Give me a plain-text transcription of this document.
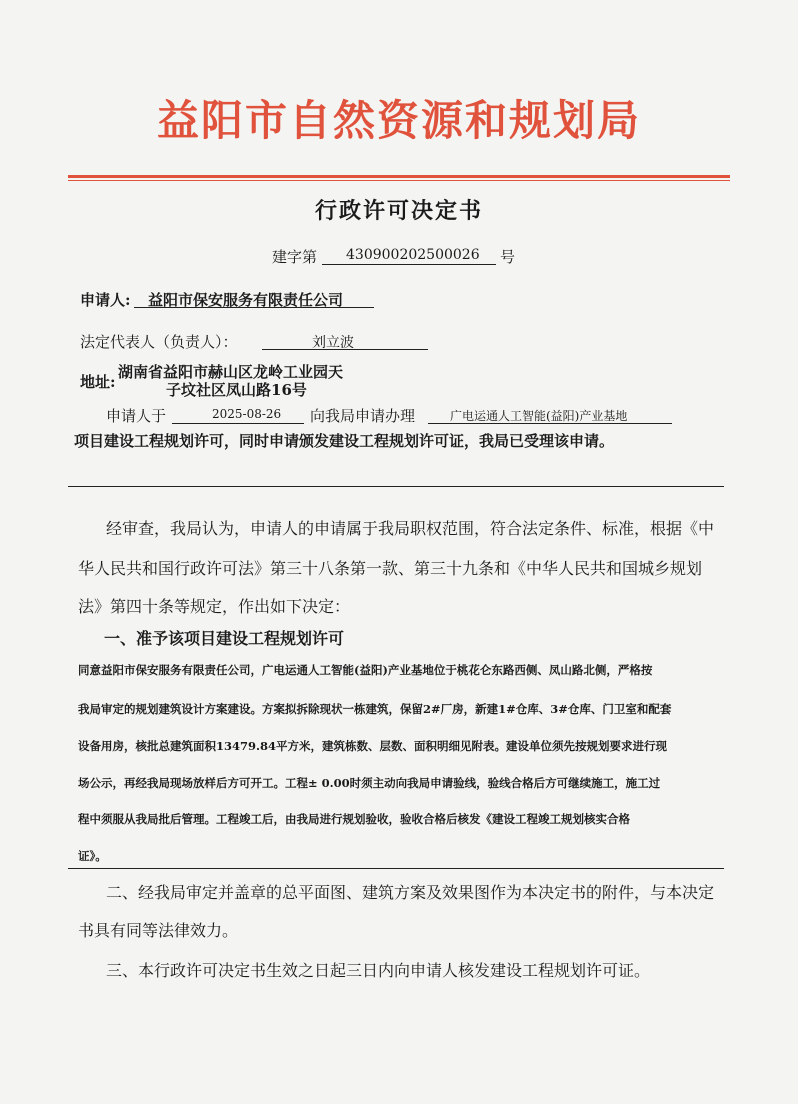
益阳市自然资源和规划局
行政许可决定书
建字第 430900202500026 号
申请人: 益阳市保安服务有限责任公司
法定代表人（负责人）：	刘立波
地址:
湖南省益阳市赫山区龙岭工业园天
子坟社区凤山路16号
申请人于	2025-08-26 向我局申请办理	广电运通人工智能(益阳)产业基地
项目建设工程规划许可，同时申请颁发建设工程规划许可证，我局已受理该申请。
经审查，我局认为，申请人的申请属于我局职权范围，符合法定条件、标准，根据《中
华人民共和国行政许可法》第三十八条第一款、第三十九条和《中华人民共和国城乡规划
法》第四十条等规定，作出如下决定：
一、准予该项目建设工程规划许可
同意益阳市保安服务有限责任公司，广电运通人工智能(益阳)产业基地位于桃花仑东路西侧、凤山路北侧，严格按
我局审定的规划建筑设计方案建设。方案拟拆除现状一栋建筑，保留2#厂房，新建1#仓库、3#仓库、门卫室和配套
设备用房，核批总建筑面积13479.84平方米，建筑栋数、层数、面积明细见附表。建设单位须先按规划要求进行现
场公示，再经我局现场放样后方可开工。工程± 0.00时须主动向我局申请验线，验线合格后方可继续施工，施工过
程中须服从我局批后管理。工程竣工后，由我局进行规划验收，验收合格后核发《建设工程竣工规划核实合格
证》。
二、经我局审定并盖章的总平面图、建筑方案及效果图作为本决定书的附件，与本决定
书具有同等法律效力。
三、本行政许可决定书生效之日起三日内向申请人核发建设工程规划许可证。
